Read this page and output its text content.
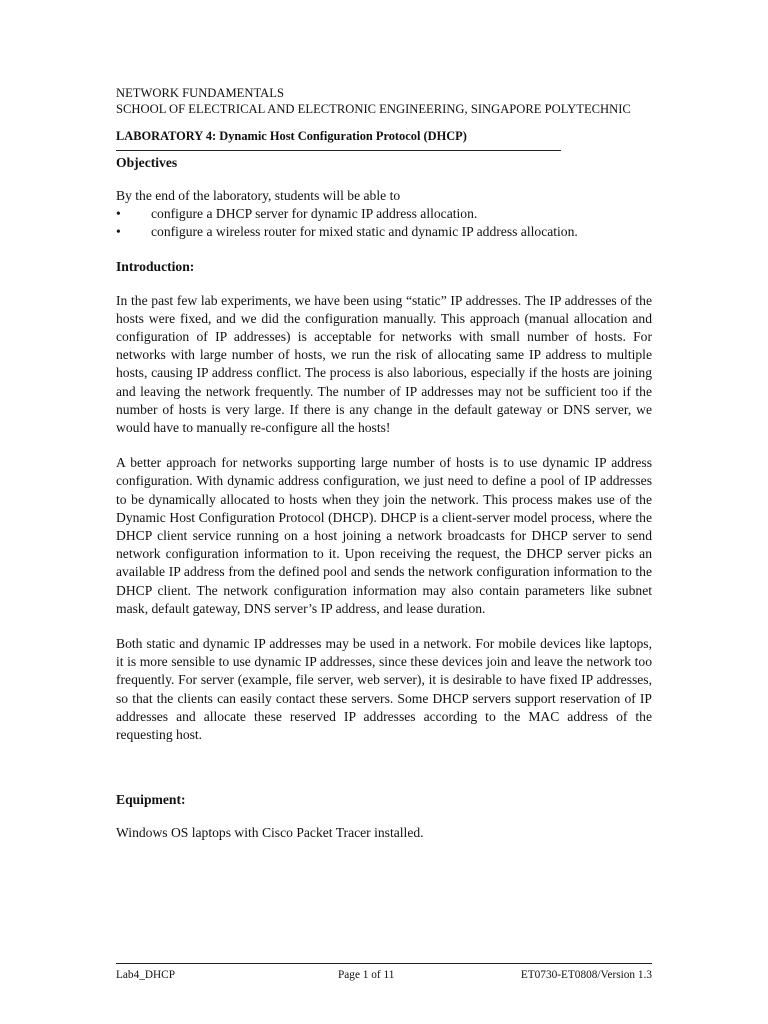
NETWORK FUNDAMENTALS
SCHOOL OF ELECTRICAL AND ELECTRONIC ENGINEERING, SINGAPORE POLYTECHNIC
LABORATORY 4: Dynamic Host Configuration Protocol (DHCP)
Objectives

By the end of the laboratory, students will be able to

• configure a DHCP server for dynamic IP address allocation.
• configure a wireless router for mixed static and dynamic IP address allocation.
Introduction:

In the past few lab experiments, we have been using “static” IP addresses. The IP addresses of the hosts were fixed, and we did the configuration manually. This approach (manual allocation and configuration of IP addresses) is acceptable for networks with small number of hosts. For networks with large number of hosts, we run the risk of allocating same IP address to multiple hosts, causing IP address conflict. The process is also laborious, especially if the hosts are joining and leaving the network frequently. The number of IP addresses may not be sufficient too if the number of hosts is very large. If there is any change in the default gateway or DNS server, we would have to manually re-configure all the hosts!

A better approach for networks supporting large number of hosts is to use dynamic IP address configuration. With dynamic address configuration, we just need to define a pool of IP addresses to be dynamically allocated to hosts when they join the network. This process makes use of the Dynamic Host Configuration Protocol (DHCP). DHCP is a client-server model process, where the DHCP client service running on a host joining a network broadcasts for DHCP server to send network configuration information to it. Upon receiving the request, the DHCP server picks an available IP address from the defined pool and sends the network configuration information to the DHCP client. The network configuration information may also contain parameters like subnet mask, default gateway, DNS server’s IP address, and lease duration.

Both static and dynamic IP addresses may be used in a network. For mobile devices like laptops, it is more sensible to use dynamic IP addresses, since these devices join and leave the network too frequently. For server (example, file server, web server), it is desirable to have fixed IP addresses, so that the clients can easily contact these servers. Some DHCP servers support reservation of IP addresses and allocate these reserved IP addresses according to the MAC address of the requesting host.

Equipment:

Windows OS laptops with Cisco Packet Tracer installed.

Lab4_DHCP	Page 1 of 11	ET0730-ET0808/Version 1.3
